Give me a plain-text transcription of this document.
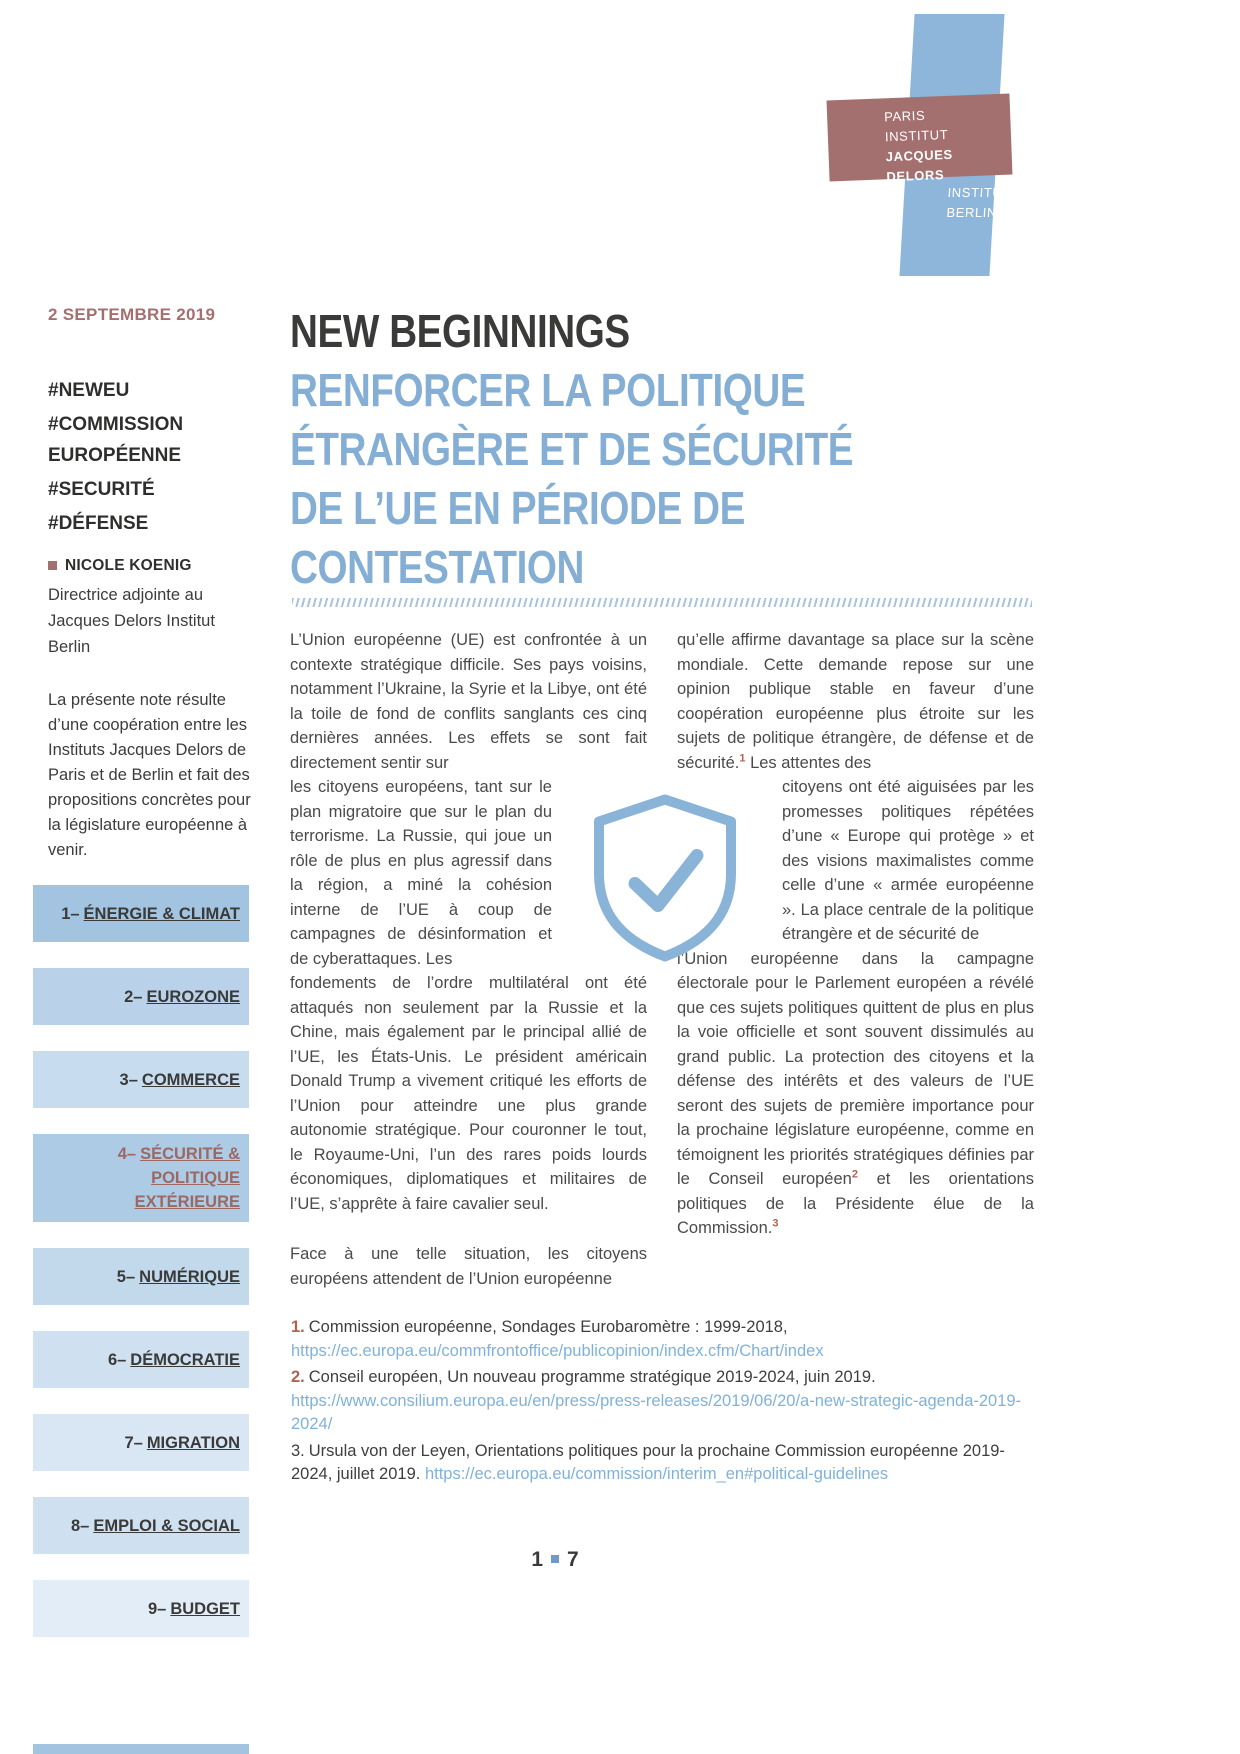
PARIS
INSTITUT
JACQUES DELORS
INSTITUTE
BERLIN
2 SEPTEMBRE 2019
#NEWEU
#COMMISSION EUROPÉENNE
#SECURITÉ
#DÉFENSE
NICOLE KOENIG
Directrice adjointe au Jacques Delors Institut Berlin
La présente note résulte d’une coopération entre les Instituts Jacques Delors de Paris et de Berlin et fait des propositions concrètes pour la législature européenne à venir.
1– ÉNERGIE & CLIMAT
2– EUROZONE
3– COMMERCE
4– SÉCURITÉ & POLITIQUE EXTÉRIEURE
5– NUMÉRIQUE
6– DÉMOCRATIE
7– MIGRATION
8– EMPLOI & SOCIAL
9– BUDGET
NEW BEGINNINGS
RENFORCER LA POLITIQUE
ÉTRANGÈRE ET DE SÉCURITÉ
DE L’UE EN PÉRIODE DE
CONTESTATION
L’Union européenne (UE) est confrontée à un contexte stratégique difficile. Ses pays voisins, notamment l’Ukraine, la Syrie et la Libye, ont été la toile de fond de conflits sanglants ces cinq dernières années. Les effets se sont fait directement sentir sur
les citoyens européens, tant sur le plan migratoire que sur le plan du terrorisme. La Russie, qui joue un rôle de plus en plus agressif dans la région, a miné la cohésion interne de l’UE à coup de campagnes de désinformation et de cyberattaques. Les
fondements de l’ordre multilatéral ont été attaqués non seulement par la Russie et la Chine, mais également par le principal allié de l’UE, les États-Unis. Le président américain Donald Trump a vivement critiqué les efforts de l’Union pour atteindre une plus grande autonomie stratégique. Pour couronner le tout, le Royaume-Uni, l’un des rares poids lourds économiques, diplomatiques et militaires de l’UE, s’apprête à faire cavalier seul.
Face à une telle situation, les citoyens européens attendent de l’Union européenne
qu’elle affirme davantage sa place sur la scène mondiale. Cette demande repose sur une opinion publique stable en faveur d’une coopération européenne plus étroite sur les sujets de politique étrangère, de défense et de sécurité.$^1$ Les attentes des
citoyens ont été aiguisées par les promesses politiques répétées d’une « Europe qui protège » et des visions maximalistes comme celle d’une « armée européenne ». La place centrale de la politique étrangère et de sécurité de
l’Union européenne dans la campagne électorale pour le Parlement européen a révélé que ces sujets politiques quittent de plus en plus la voie officielle et sont souvent dissimulés au grand public. La protection des citoyens et la défense des intérêts et des valeurs de l’UE seront des sujets de première importance pour la prochaine législature européenne, comme en témoignent les priorités stratégiques définies par le Conseil européen$^2$ et les orientations politiques de la Présidente élue de la Commission.$^3$
1. Commission européenne, Sondages Eurobaromètre : 1999-2018, https://ec.europa.eu/commfrontoffice/publicopinion/index.cfm/Chart/index
2. Conseil européen, Un nouveau programme stratégique 2019-2024, juin 2019. https://www.consilium.europa.eu/en/press/press-releases/2019/06/20/a-new-strategic-agenda-2019-2024/
3. Ursula von der Leyen, Orientations politiques pour la prochaine Commission européenne 2019-2024, juillet 2019. https://ec.europa.eu/commission/interim_en#political-guidelines
1 7
